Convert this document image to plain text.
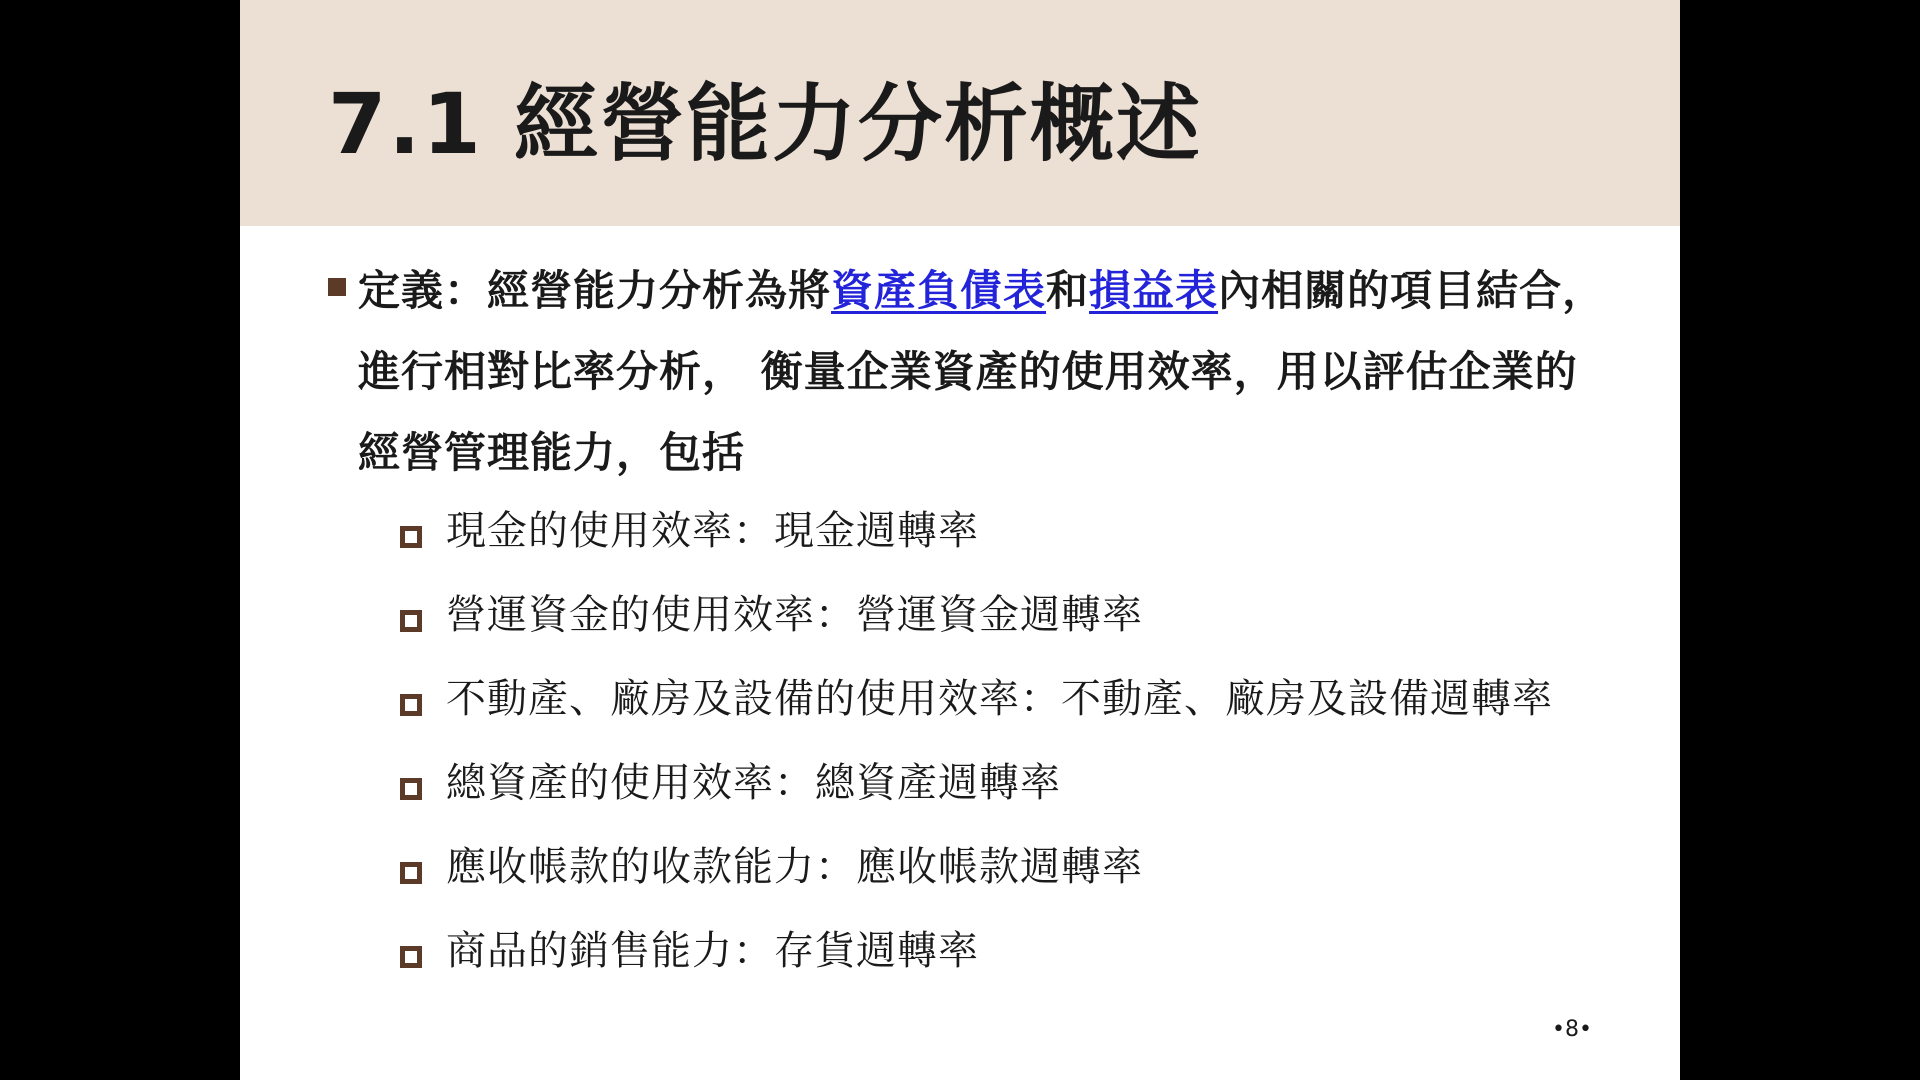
7.1 經營能力分析概述

定義：經營能力分析為將資產負債表和損益表內相關的項目結合，進行相對比率分析， 衡量企業資產的使用效率，用以評估企業的經營管理能力，包括

現金的使用效率：現金週轉率
營運資金的使用效率：營運資金週轉率
不動產、廠房及設備的使用效率：不動產、廠房及設備週轉率
總資產的使用效率：總資產週轉率
應收帳款的收款能力：應收帳款週轉率
商品的銷售能力：存貨週轉率
•8•
